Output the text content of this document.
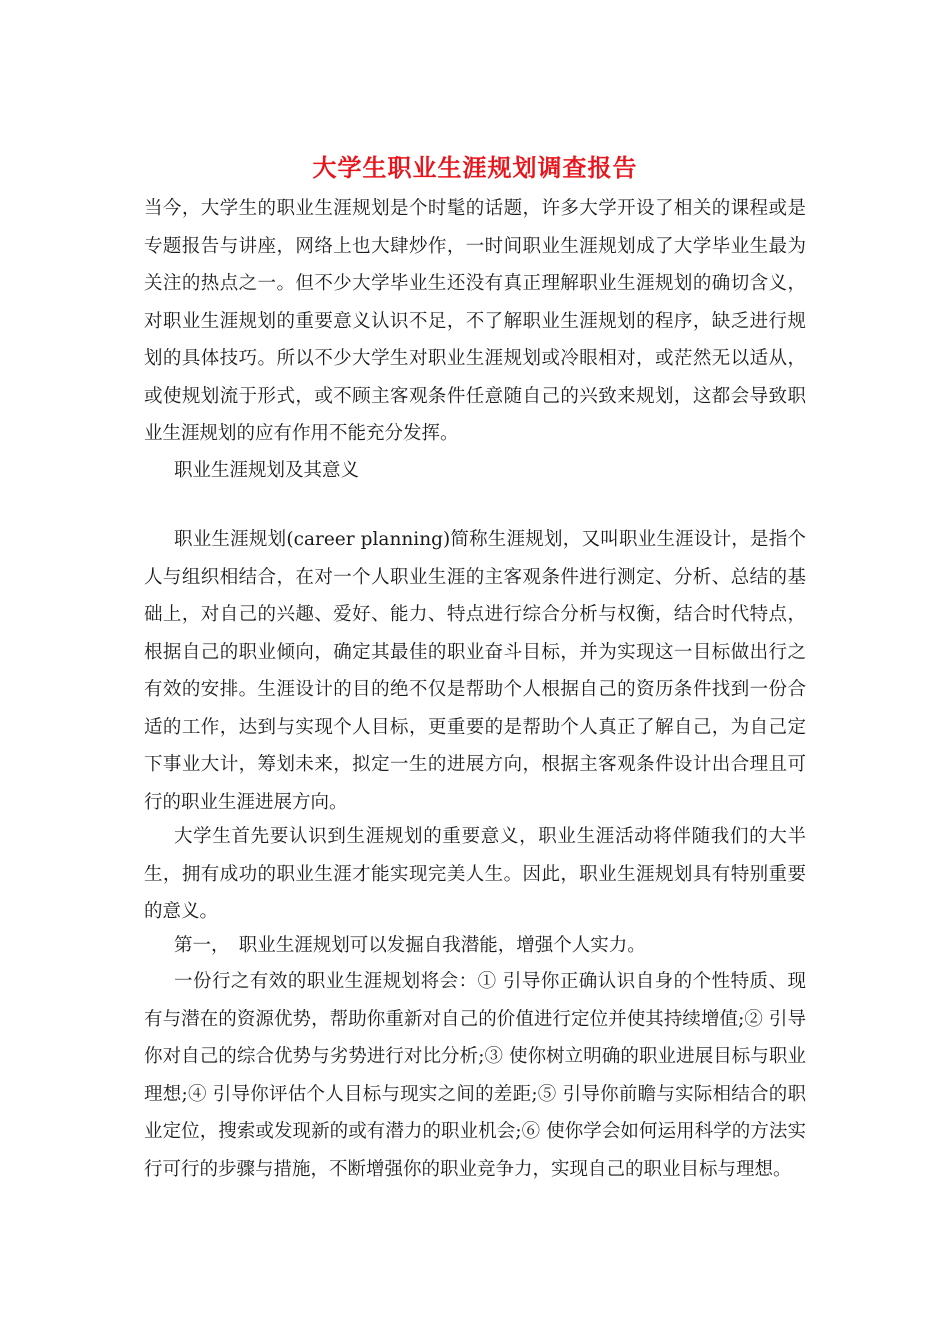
大学生职业生涯规划调查报告

当今，大学生的职业生涯规划是个时髦的话题，许多大学开设了相关的课程或是专题报告与讲座，网络上也大肆炒作，一时间职业生涯规划成了大学毕业生最为关注的热点之一。但不少大学毕业生还没有真正理解职业生涯规划的确切含义，对职业生涯规划的重要意义认识不足，不了解职业生涯规划的程序，缺乏进行规划的具体技巧。所以不少大学生对职业生涯规划或冷眼相对，或茫然无以适从，或使规划流于形式，或不顾主客观条件任意随自己的兴致来规划，这都会导致职业生涯规划的应有作用不能充分发挥。

职业生涯规划及其意义

职业生涯规划(career planning)简称生涯规划，又叫职业生涯设计，是指个人与组织相结合，在对一个人职业生涯的主客观条件进行测定、分析、总结的基础上，对自己的兴趣、爱好、能力、特点进行综合分析与权衡，结合时代特点，根据自己的职业倾向，确定其最佳的职业奋斗目标，并为实现这一目标做出行之有效的安排。生涯设计的目的绝不仅是帮助个人根据自己的资历条件找到一份合适的工作，达到与实现个人目标，更重要的是帮助个人真正了解自己，为自己定下事业大计，筹划未来，拟定一生的进展方向，根据主客观条件设计出合理且可行的职业生涯进展方向。

大学生首先要认识到生涯规划的重要意义，职业生涯活动将伴随我们的大半生，拥有成功的职业生涯才能实现完美人生。因此，职业生涯规划具有特别重要的意义。

第一，　职业生涯规划可以发掘自我潜能，增强个人实力。

一份行之有效的职业生涯规划将会：① 引导你正确认识自身的个性特质、现有与潜在的资源优势，帮助你重新对自己的价值进行定位并使其持续增值;② 引导你对自己的综合优势与劣势进行对比分析;③ 使你树立明确的职业进展目标与职业理想;④ 引导你评估个人目标与现实之间的差距;⑤ 引导你前瞻与实际相结合的职业定位，搜索或发现新的或有潜力的职业机会;⑥ 使你学会如何运用科学的方法实行可行的步骤与措施，不断增强你的职业竞争力，实现自己的职业目标与理想。
